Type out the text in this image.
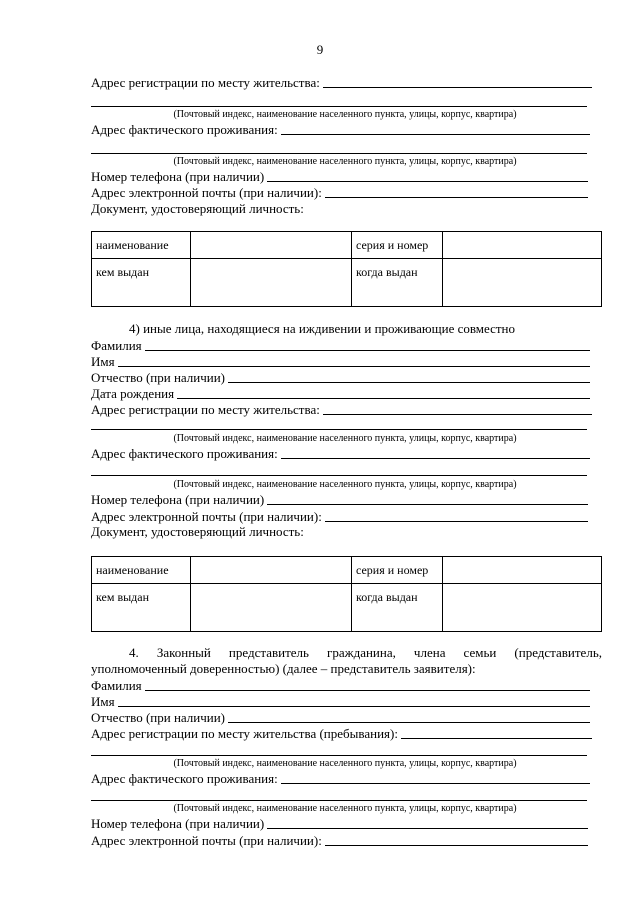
9
Адрес регистрации по месту жительства:
(Почтовый индекс, наименование населенного пункта, улицы, корпус, квартира)
Адрес фактического проживания:
(Почтовый индекс, наименование населенного пункта, улицы, корпус, квартира)
Номер телефона (при наличии)
Адрес электронной почты (при наличии):
Документ, удостоверяющий личность:
наименование		серия и номер	
кем выдан		когда выдан	
4) иные лица, находящиеся на иждивении и проживающие совместно
Фамилия
Имя
Отчество (при наличии)
Дата рождения
Адрес регистрации по месту жительства:
(Почтовый индекс, наименование населенного пункта, улицы, корпус, квартира)
Адрес фактического проживания:
(Почтовый индекс, наименование населенного пункта, улицы, корпус, квартира)
Номер телефона (при наличии)
Адрес электронной почты (при наличии):
Документ, удостоверяющий личность:
наименование		серия и номер	
кем выдан		когда выдан	
4. Законный представитель гражданина, члена семьи (представитель,
уполномоченный доверенностью) (далее – представитель заявителя):
Фамилия
Имя
Отчество (при наличии)
Адрес регистрации по месту жительства (пребывания):
(Почтовый индекс, наименование населенного пункта, улицы, корпус, квартира)
Адрес фактического проживания:
(Почтовый индекс, наименование населенного пункта, улицы, корпус, квартира)
Номер телефона (при наличии)
Адрес электронной почты (при наличии):
